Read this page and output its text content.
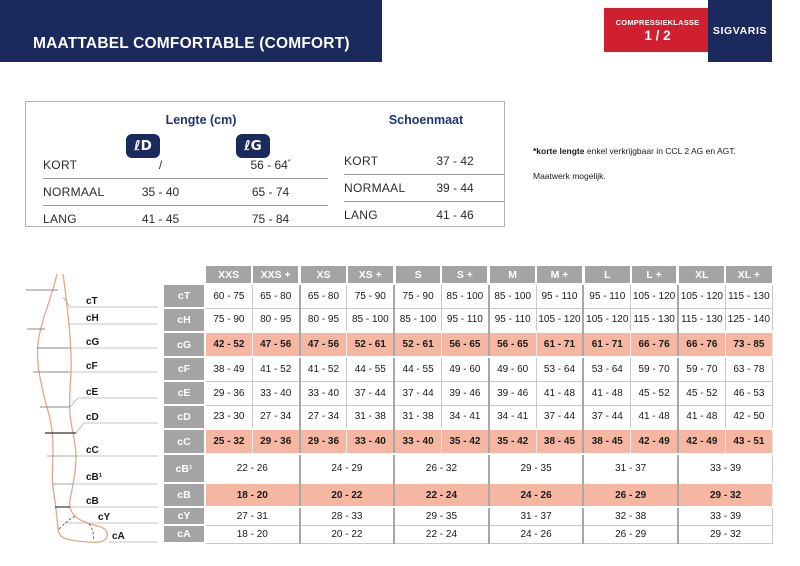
MAATTABEL COMFORTABLE (COMFORT)
COMPRESSIEKLASSE
1 / 2	SIGVARIS
Lengte (cm)
ℓD	ℓG
KORT	/	56 - 64*
NORMAAL	35 - 40	65 - 74
LANG	41 - 45	75 - 84
Schoenmaat
KORT	37 - 42
NORMAAL	39 - 44
LANG	41 - 46
*korte lengte enkel verkrijgbaar in CCL 2 AG en AGT.
Maatwerk mogelijk.
cT
cH
cG
cF
cE
cD
cC
cB¹
cB
cY
cA
	XXS	XXS +	XS	XS +	S	S +	M	M +	L	L +	XL	XL +
cT	60 - 75	65 - 80	65 - 80	75 - 90	75 - 90	85 - 100	85 - 100	95 - 110	95 - 110	105 - 120	105 - 120	115 - 130
cH	75 - 90	80 - 95	80 - 95	85 - 100	85 - 100	95 - 110	95 - 110	105 - 120	105 - 120	115 - 130	115 - 130	125 - 140
cG	42 - 52	47 - 56	47 - 56	52 - 61	52 - 61	56 - 65	56 - 65	61 - 71	61 - 71	66 - 76	66 - 76	73 - 85
cF	38 - 49	41 - 52	41 - 52	44 - 55	44 - 55	49 - 60	49 - 60	53 - 64	53 - 64	59 - 70	59 - 70	63 - 78
cE	29 - 36	33 - 40	33 - 40	37 - 44	37 - 44	39 - 46	39 - 46	41 - 48	41 - 48	45 - 52	45 - 52	46 - 53
cD	23 - 30	27 - 34	27 - 34	31 - 38	31 - 38	34 - 41	34 - 41	37 - 44	37 - 44	41 - 48	41 - 48	42 - 50
cC	25 - 32	29 - 36	29 - 36	33 - 40	33 - 40	35 - 42	35 - 42	38 - 45	38 - 45	42 - 49	42 - 49	43 - 51
cB¹	22 - 26		24 - 29		26 - 32		29 - 35		31 - 37		33 - 39	
cB	18 - 20		20 - 22		22 - 24		24 - 26		26 - 29		29 - 32	
cY	27 - 31		28 - 33		29 - 35		31 - 37		32 - 38		33 - 39	
cA	18 - 20		20 - 22		22 - 24		24 - 26		26 - 29		29 - 32	
